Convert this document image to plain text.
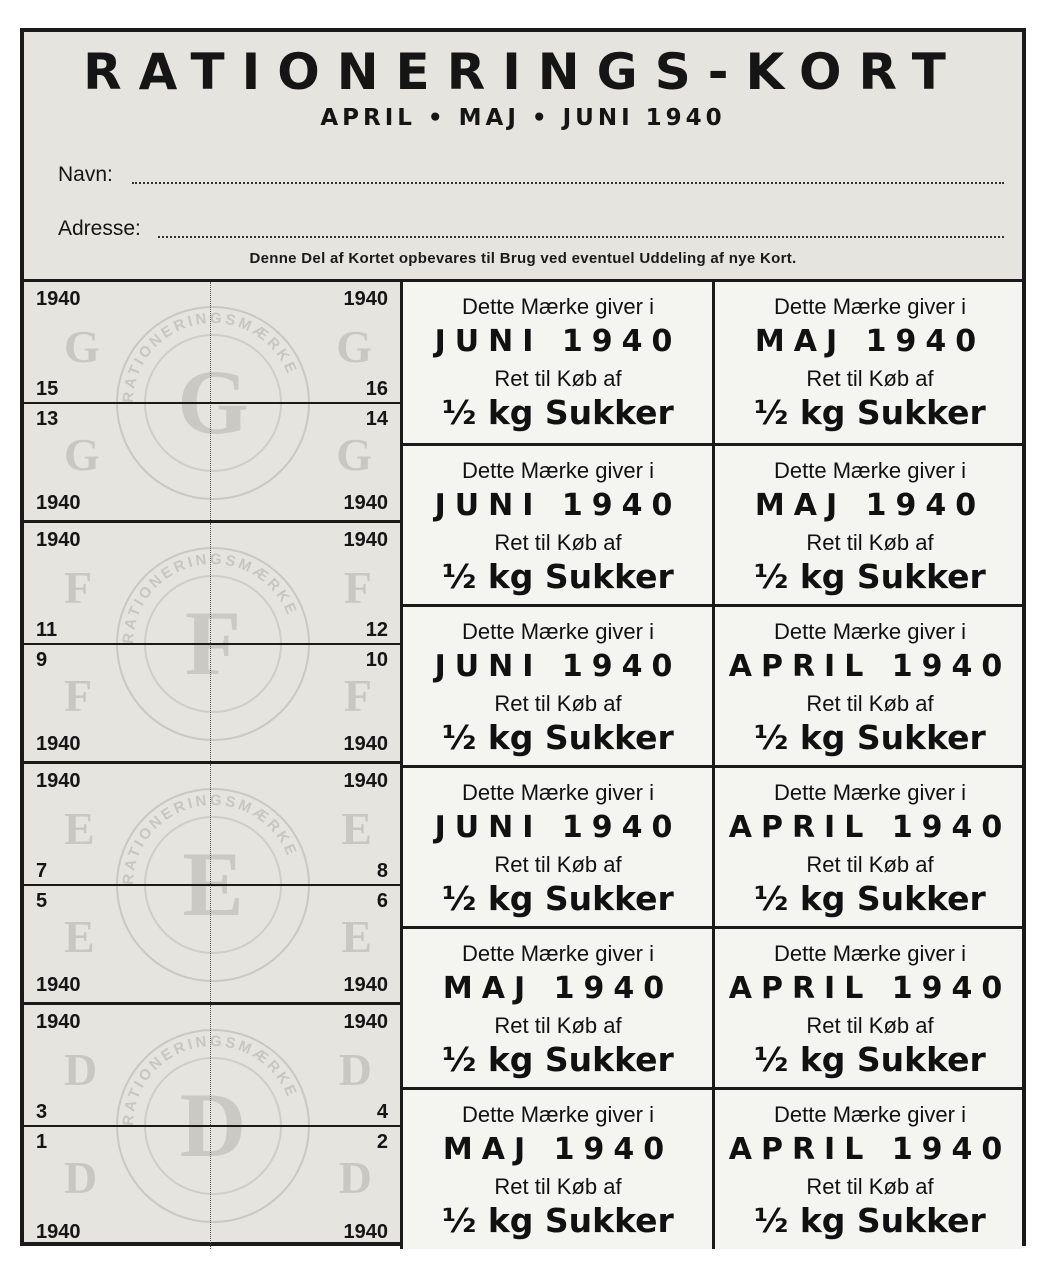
RATIONERINGS-KORT
APRIL • MAJ • JUNI 1940
Navn:
Adresse:
Denne Del af Kortet opbevares til Brug ved eventuel Uddeling af nye Kort.
RATIONERINGSMÆRKE
G
G	G
G	G
1940	1940
15	16
13	14
1940	1940
RATIONERINGSMÆRKE
F
F	F
F	F
1940	1940
11	12
9	10
1940	1940
RATIONERINGSMÆRKE
E
E	E
E	E
1940	1940
7	8
5	6
1940	1940
RATIONERINGSMÆRKE
D
D	D
D	D
1940	1940
3	4
1	2
1940	1940
Dette Mærke giver i
JUNI 1940
Ret til Køb af
½ kg Sukker
Dette Mærke giver i
MAJ 1940
Ret til Køb af
½ kg Sukker
Dette Mærke giver i
JUNI 1940
Ret til Køb af
½ kg Sukker
Dette Mærke giver i
MAJ 1940
Ret til Køb af
½ kg Sukker
Dette Mærke giver i
JUNI 1940
Ret til Køb af
½ kg Sukker
Dette Mærke giver i
APRIL 1940
Ret til Køb af
½ kg Sukker
Dette Mærke giver i
JUNI 1940
Ret til Køb af
½ kg Sukker
Dette Mærke giver i
APRIL 1940
Ret til Køb af
½ kg Sukker
Dette Mærke giver i
MAJ 1940
Ret til Køb af
½ kg Sukker
Dette Mærke giver i
APRIL 1940
Ret til Køb af
½ kg Sukker
Dette Mærke giver i
MAJ 1940
Ret til Køb af
½ kg Sukker
Dette Mærke giver i
APRIL 1940
Ret til Køb af
½ kg Sukker
